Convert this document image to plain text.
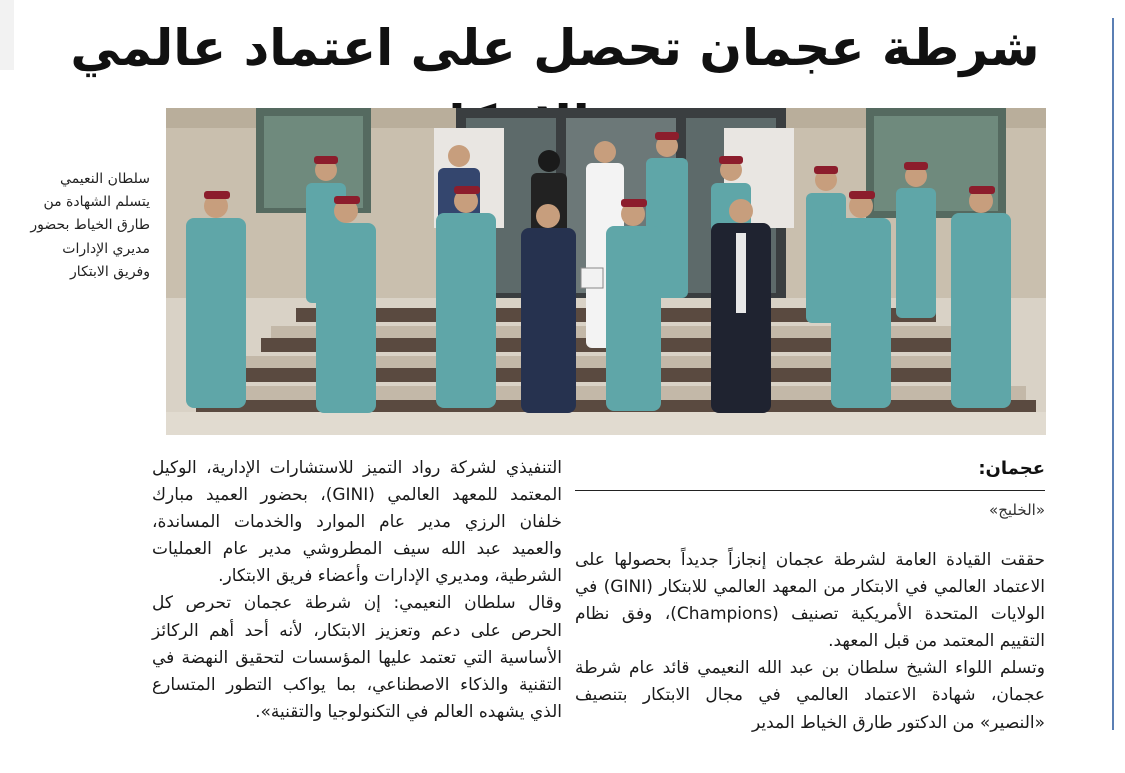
شرطة عجمان تحصل على اعتماد عالمي
سلطان النعيمي يتسلم الشهادة من طارق الخياط بحضور مديري الإدارات وفريق الابتكار
عجمان:
«الخليج»

حققت القيادة العامة لشرطة عجمان إنجازاً جديداً بحصولها على الاعتماد العالمي في الابتكار من المعهد العالمي للابتكار (GINI) في الولايات المتحدة الأمريكية تصنيف (Champions)، وفق نظام التقييم المعتمد من قبل المعهد.

وتسلم اللواء الشيخ سلطان بن عبد الله النعيمي قائد عام شرطة عجمان، شهادة الاعتماد العالمي في مجال الابتكار بتنصيف «النصير» من الدكتور طارق الخياط المدير

التنفيذي لشركة رواد التميز للاستشارات الإدارية، الوكيل المعتمد للمعهد العالمي (GINI)، بحضور العميد مبارك خلفان الرزي مدير عام الموارد والخدمات المساندة، والعميد عبد الله سيف المطروشي مدير عام العمليات الشرطية، ومديري الإدارات وأعضاء فريق الابتكار.

وقال سلطان النعيمي: إن شرطة عجمان تحرص كل الحرص على دعم وتعزيز الابتكار، لأنه أحد أهم الركائز الأساسية التي تعتمد عليها المؤسسات لتحقيق النهضة في التقنية والذكاء الاصطناعي، بما يواكب التطور المتسارع الذي يشهده العالم في التكنولوجيا والتقنية».
